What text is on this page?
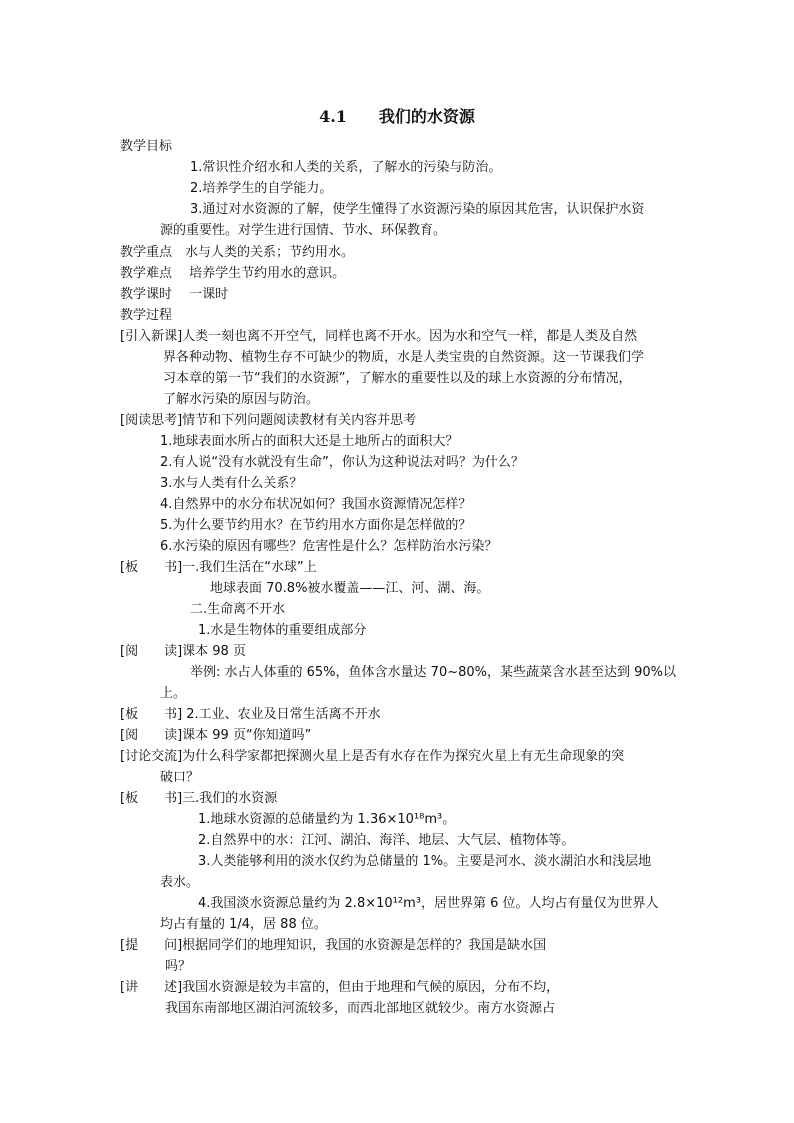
4.1　　我们的水资源
教学目标
1.常识性介绍水和人类的关系，了解水的污染与防治。
2.培养学生的自学能力。
3.通过对水资源的了解，使学生懂得了水资源污染的原因其危害，认识保护水资
源的重要性。对学生进行国情、节水、环保教育。
教学重点　水与人类的关系；节约用水。
教学难点　 培养学生节约用水的意识。
教学课时　 一课时
教学过程
[引入新课]人类一刻也离不开空气，同样也离不开水。因为水和空气一样，都是人类及自然
界各种动物、植物生存不可缺少的物质，水是人类宝贵的自然资源。这一节课我们学
习本章的第一节“我们的水资源”，了解水的重要性以及的球上水资源的分布情况，
了解水污染的原因与防治。
[阅读思考]情节和下列问题阅读教材有关内容并思考
1.地球表面水所占的面积大还是土地所占的面积大？
2.有人说“没有水就没有生命”，你认为这种说法对吗？为什么？
3.水与人类有什么关系？
4.自然界中的水分布状况如何？我国水资源情况怎样？
5.为什么要节约用水？在节约用水方面你是怎样做的？
6.水污染的原因有哪些？危害性是什么？怎样防治水污染？
[板　　书]一.我们生活在“水球”上
地球表面 70.8%被水覆盖——江、河、湖、海。
二.生命离不开水
1.水是生物体的重要组成部分
[阅　　读]课本 98 页
举例: 水占人体重的 65%，鱼体含水量达 70~80%，某些蔬菜含水甚至达到 90%以
上。
[板　　书] 2.工业、农业及日常生活离不开水
[阅　　读]课本 99 页“你知道吗”
[讨论交流]为什么科学家都把探测火星上是否有水存在作为探究火星上有无生命现象的突
破口？
[板　　书]三.我们的水资源
1.地球水资源的总储量约为 1.36×10¹⁸m³。
2.自然界中的水：江河、湖泊、海洋、地层、大气层、植物体等。
3.人类能够利用的淡水仅约为总储量的 1%。主要是河水、淡水湖泊水和浅层地
表水。
4.我国淡水资源总量约为 2.8×10¹²m³，居世界第 6 位。人均占有量仅为世界人
均占有量的 1/4，居 88 位。
[提　　问]根据同学们的地理知识，我国的水资源是怎样的？我国是缺水国
吗？
[讲　　述]我国水资源是较为丰富的，但由于地理和气候的原因，分布不均，
我国东南部地区湖泊河流较多，而西北部地区就较少。南方水资源占
